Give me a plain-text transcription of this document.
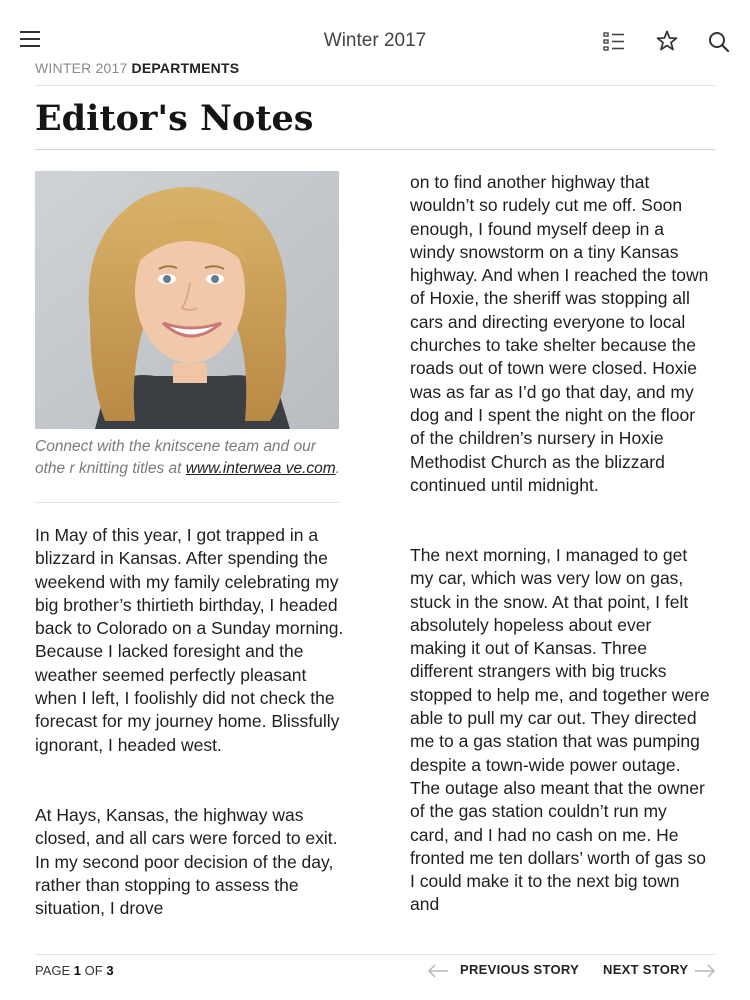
Winter 2017
WINTER 2017 DEPARTMENTS
Editor's Notes
Connect with the knitscene team and our othe r knitting titles at www.interwea ve.com.

In May of this year, I got trapped in a blizzard in Kansas. After spending the weekend with my family celebrating my big brother’s thirtieth birthday, I headed back to Colorado on a Sunday morning. Because I lacked foresight and the weather seemed perfectly pleasant when I left, I foolishly did not check the forecast for my journey home. Blissfully ignorant, I headed west.

At Hays, Kansas, the highway was closed, and all cars were forced to exit. In my second poor decision of the day, rather than stopping to assess the situation, I drove

on to find another highway that wouldn’t so rudely cut me off. Soon enough, I found myself deep in a windy snowstorm on a tiny Kansas highway. And when I reached the town of Hoxie, the sheriff was stopping all cars and directing everyone to local churches to take shelter because the roads out of town were closed. Hoxie was as far as I’d go that day, and my dog and I spent the night on the floor of the children’s nursery in Hoxie Methodist Church as the blizzard continued until midnight.

The next morning, I managed to get my car, which was very low on gas, stuck in the snow. At that point, I felt absolutely hopeless about ever making it out of Kansas. Three different strangers with big trucks stopped to help me, and together were able to pull my car out. They directed me to a gas station that was pumping despite a town-wide power outage. The outage also meant that the owner of the gas station couldn’t run my card, and I had no cash on me. He fronted me ten dollars’ worth of gas so I could make it to the next big town and

PAGE 1 OF 3	PREVIOUS STORY NEXT STORY
